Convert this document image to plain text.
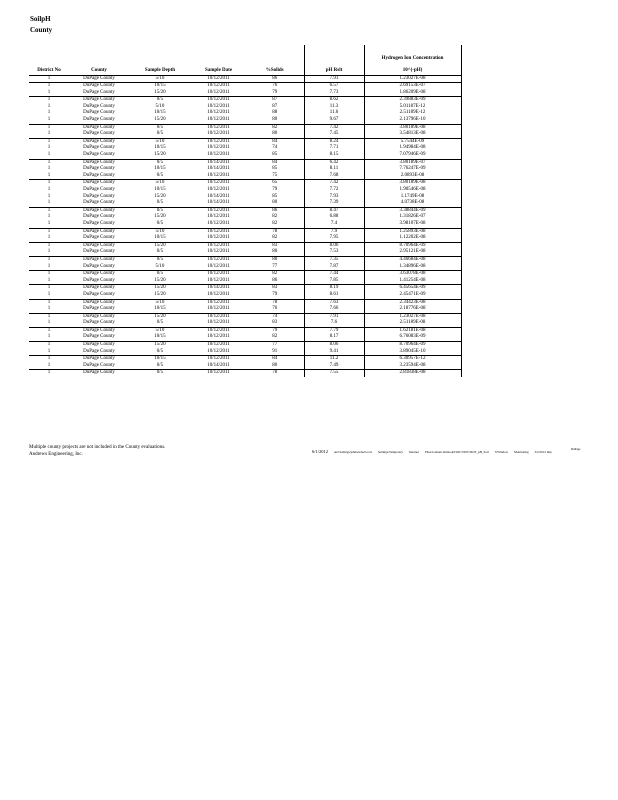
SoilpH
County
District No	County	Sample Depth	Sample Date	%Solids	pH Rslt	Hydrogen Ion Concentration
10^(-pH)

1	DuPage County	5/10	10/12/2011	86	7.91	1.23027E-08
1	DuPage County	10/15	10/12/2011	76	6.57	2.69153E-07
1	DuPage County	15/20	10/12/2011	79	7.73	1.86209E-08
1	DuPage County	0/5	10/12/2011	87	8.62	2.39883E-09
1	DuPage County	5/10	10/12/2011	87	11.3	5.01187E-12
1	DuPage County	10/15	10/12/2011	88	11.6	2.51189E-12
1	DuPage County	15/20	10/12/2011	80	9.67	2.13796E-10
1	DuPage County	0/5	10/12/2011	82	7.42	3.80189E-08
1	DuPage County	0/5	10/12/2011	80	7.45	3.54813E-08
1	DuPage County	5/10	10/12/2011	84	8.24	5.7544E-09
1	DuPage County	10/15	10/12/2011	74	7.71	1.94984E-08
1	DuPage County	15/20	10/12/2011	85	8.15	7.07946E-09
1	DuPage County	0/5	10/14/2011	84	6.42	3.80189E-07
1	DuPage County	10/15	10/14/2011	85	8.11	7.76247E-09
1	DuPage County	0/5	10/12/2011	75	7.68	2.0893E-08
1	DuPage County	5/10	10/12/2011	65	7.42	3.80189E-08
1	DuPage County	10/15	10/12/2011	79	7.72	1.90546E-08
1	DuPage County	15/20	10/14/2011	85	7.93	1.1749E-08
1	DuPage County	0/5	10/14/2011	80	7.39	4.0738E-08
1	DuPage County	0/5	10/12/2011	86	8.47	3.38844E-09
1	DuPage County	15/20	10/12/2011	82	6.88	1.31826E-07
1	DuPage County	0/5	10/12/2011	82	7.4	3.98107E-08
1	DuPage County	5/10	10/12/2011	78	7.9	1.25893E-08
1	DuPage County	10/15	10/12/2011	82	7.95	1.12202E-08
1	DuPage County	15/20	10/12/2011	83	8.06	8.70964E-09
1	DuPage County	0/5	10/12/2011	80	7.53	2.95121E-08
1	DuPage County	0/5	10/12/2011	80	7.35	4.46684E-08
1	DuPage County	5/10	10/12/2011	77	7.87	1.34896E-08
1	DuPage County	0/5	10/12/2011	82	7.44	3.63078E-08
1	DuPage County	15/20	10/12/2011	86	7.85	1.41254E-08
1	DuPage County	15/20	10/14/2011	83	8.19	6.45654E-09
1	DuPage County	15/20	10/12/2011	79	8.61	2.45471E-09
1	DuPage County	5/10	10/12/2011	78	7.63	2.34423E-08
1	DuPage County	10/15	10/12/2011	76	7.66	2.18776E-08
1	DuPage County	15/20	10/12/2011	74	7.91	1.23027E-08
1	DuPage County	0/5	10/12/2011	83	7.6	2.51189E-08
1	DuPage County	5/10	10/12/2011	79	7.79	1.62181E-08
1	DuPage County	10/15	10/12/2011	82	8.17	6.76083E-09
1	DuPage County	15/20	10/12/2011	77	8.06	8.70964E-09
1	DuPage County	0/5	10/12/2011	91	9.41	3.89045E-10
1	DuPage County	10/15	10/12/2011	84	11.2	6.30957E-12
1	DuPage County	0/5	10/14/2011	80	7.49	3.23594E-08
1	DuPage County	0/5	10/12/2011	78	7.55	2.81838E-08
Multiple county projects are not included in the County evaluations.
Andrews Engineering, Inc.
DuPage
6/1/2012 and Settings/johnwiens/Local Settings/Temporary Internet Files/Content.Outlook/I3OC53NV/DOT_pH_Soil 3/Window Monitoring 3/2/2012 tmp
